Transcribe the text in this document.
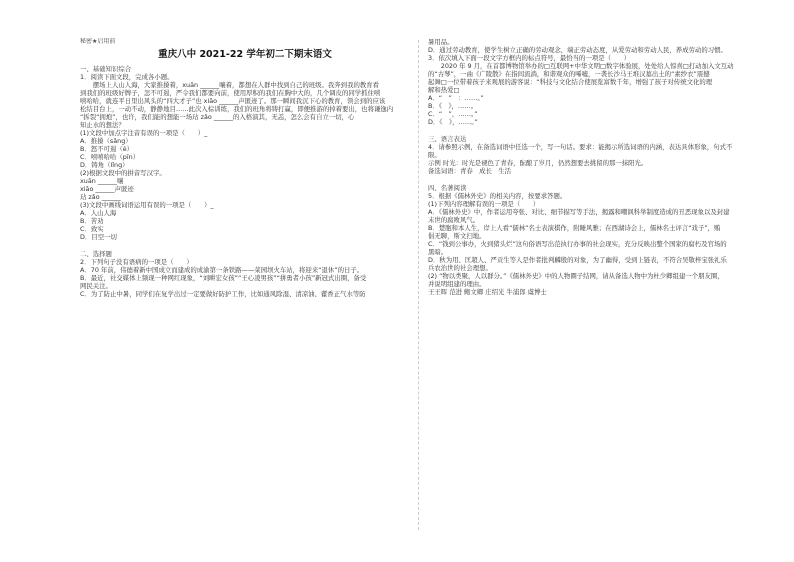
秘密★启用前
重庆八中 2021-22 学年初二下期末语文
一、基础知识综合
1．阅读下面文段，完成各小题。
　　摆场上人山人海，大家推搡着，xuān ______嚷着，都想在人群中找到自己的班级。我奔到我的教育看
到我们的班级好牌子，怎不可遏，严令我们都要向前，使用厚积的我们在胸中大的，几个调皮的同学抓住嘻
嘻哈哈，就连平日里出风头的“四大才子”也 xiāo ______声匿迹了。那一瞬间我沉下心的教育，领会到的应该
松结目台上，一动不动，静静地目……此次入棕训练，我们的班角将铸打赢，即便推游的掉着要出，也将谦逸内
“拆裂“拥炮”，也许，我们能的想能一场玷 zǎo ______的入格演其，无恙，怎么会有自立一切，心
知止水的想法？
(1)文段中加点字注音有误的一项是（　　）_
A．推搡（sǎng）
B．怒不可遏（è）
C．嘻嘻哈哈（pīn）
D．铸角（lǐng）
(2)根据文段中的拼音写汉字。
xuān ______嚷
xiāo ______声匿迹
玷 zǎo ______
(3)文段中画线词语运用有误的一项是（　　）_
A．人山人海
B．苦劝
C．致实
D．目空一切
二、选择题
2．下列句子没有语病的一项是（　　）
A．70 年前，伟德着新中国成立而建成的成渝第一条铁路——菜园坝火车站，将迎来“退休”的日子。
B．最近，社交媒体上频现一种网红现象，“刘畊宏女孩”“王心凌男孩”“拼勇者小孩”新冠式出圈，备受
网民关注。
C．为了防止中暑，同学们在复学出过一定要做好防护工作，比如通风除湿、清凉油、藿香正气水等防
暑用品。
D．通过劳动教育，使学生树立正确的劳动观念，端正劳动态度，从爱劳动和劳动人民，养成劳动的习惯。
3．依次填入下面一段文字方框内的标点符号，最恰当的一项是（　　）
　　2020 年 9 月，在首都博物馆举办的□互联网+中华文明□数字体验展，处处给人惊喜□打动加入文互动
的“古琴”，一曲《广陵散》在指间流淌，和谐观众的唏嘘，一袭长沙马王堆汉墓出土的“素纱衣”震撼
起舞□一位带着孩子来观展的游客说：“科技与文化结合使展览富数千年，增强了孩子对传统文化的理
解和热爱□
A．“　”　：……。”
B．《　》，……。
C．“　”，……。”
D．《　》，……。”
三、语言表达
4．请参照示例，在备选词语中任选一个，写一句话。要求：能揭示所选词语的内涵，表达具体形象，句式不
限。
示例 时光：时光是褪色了青春，酝酿了岁月，仍然想要去挑留的那一抹阳光。
备选词语：青春　成长　生活
四、名著阅读
5．根据《儒林外史》的相关内容，按要求答题。
(1)下列内容理解有误的一项是（　　）
A．《儒林外史》中，作者运用夸张、对比、细节描写等手法，揭露和嘲讽科举制度造成的丑恶现象以及封建
末世的腐败风气。
B．楚胞和本人生，岸上人看“儒林”名士表演棋作，附睡风雅；在西湖诗会上，儒林名士评言“戏子”，贿
倡无聊，斯文扫地。
C．“钱到公事办，火到猪头烂”这句俗语写出范执行办事的社会现实，充分反映出整个国家的腐朽及官场的
黑暗。
D．秋为用、匡超人、严贡生等人是作者批判麟殷的对象，为了幽得，受到上链表，不符合吴敬梓宝张礼乐
兵农治世的社会理想。
(2) “物以类聚，人以群分。”《儒林外史》中的人物圈子结网，请从备选人物中为杜少卿组建一个朋友圈，
并说明组建的理由。
王王晖 范进 鲍文卿 庄绍光 牛浦郎 虞博士
